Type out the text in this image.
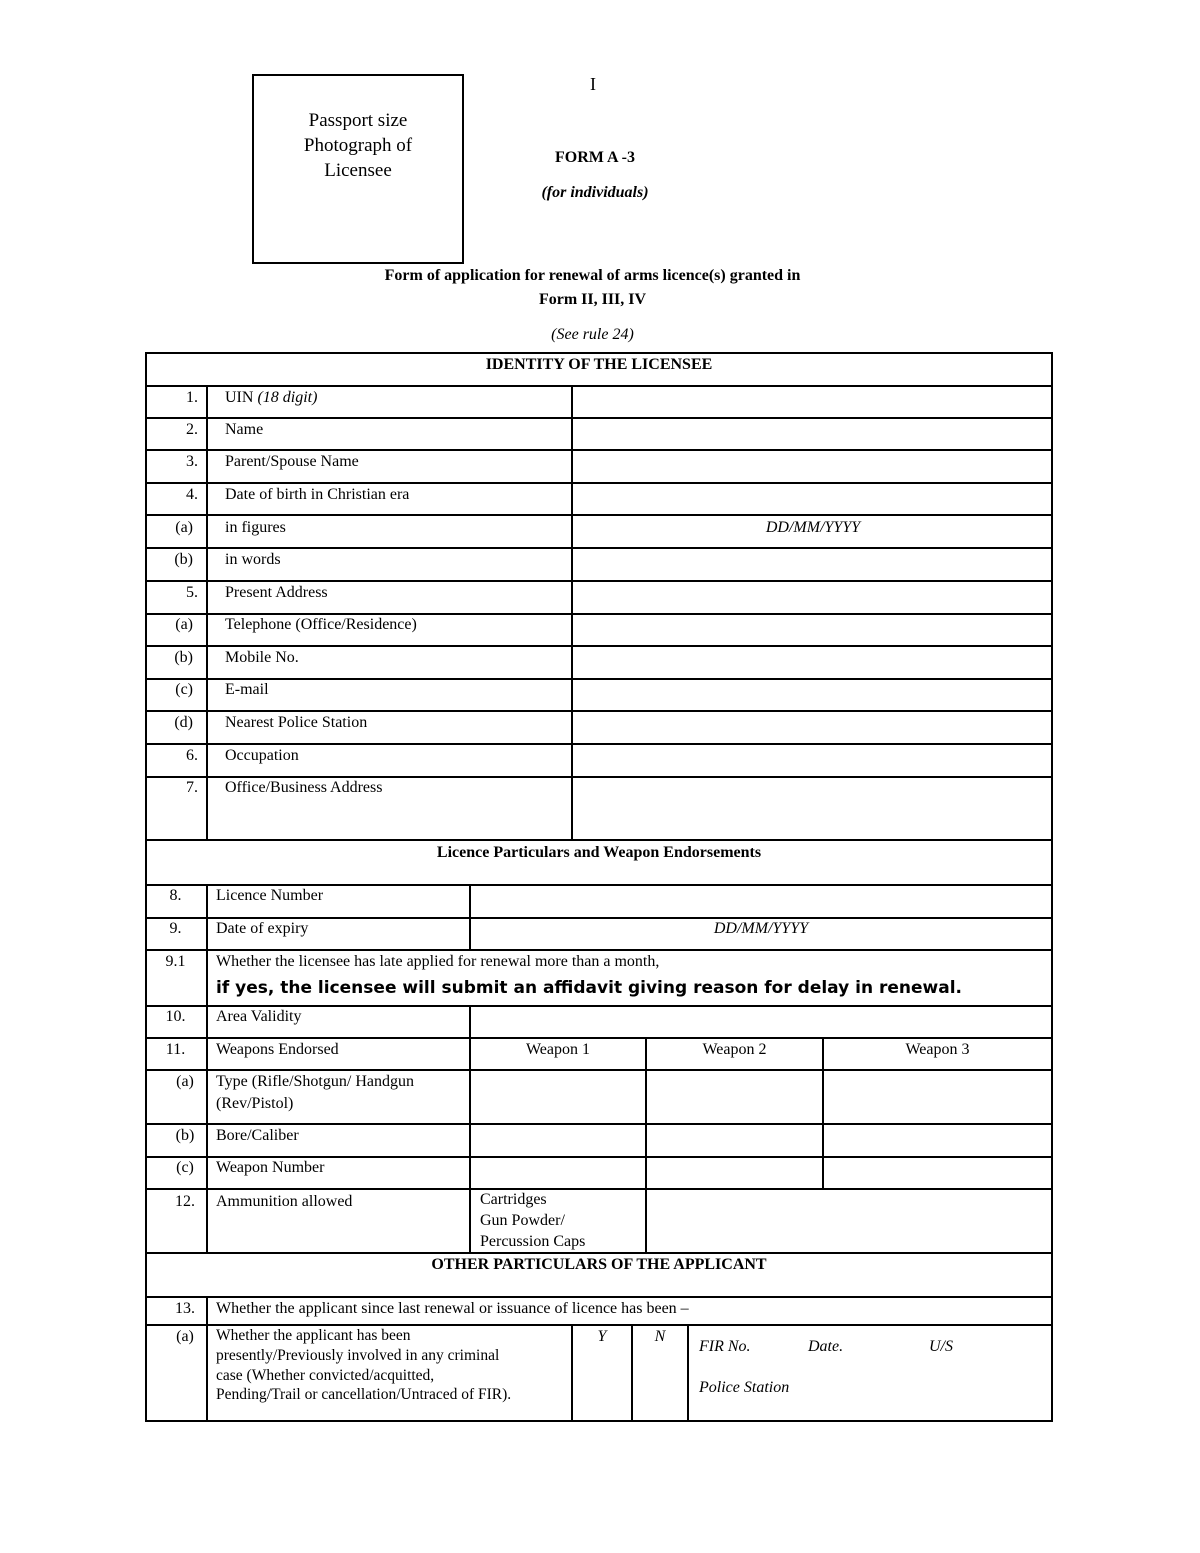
Passport size
Photograph of
Licensee
I
FORM A -3
(for individuals)
Form of application for renewal of arms licence(s) granted in
Form II, III, IV
(See rule 24)
IDENTITY OF THE LICENSEE
1. UIN (18 digit)
2. Name
3. Parent/Spouse Name
4. Date of birth in Christian era
(a) in figures	DD/MM/YYYY
(b) in words
5. Present Address
(a) Telephone (Office/Residence)
(b) Mobile No.
(c) E-mail
(d) Nearest Police Station
6. Occupation
7. Office/Business Address
Licence Particulars and Weapon Endorsements
8.	Licence Number
9.	Date of expiry	DD/MM/YYYY
9.1	Whether the licensee has late applied for renewal more than a month,
if yes, the licensee will submit an affidavit giving reason for delay in renewal.
10.	Area Validity
11.	Weapons Endorsed	Weapon 1	Weapon 2	Weapon 3
(a)	Type (Rifle/Shotgun/ Handgun
(Rev/Pistol)
(b)	Bore/Caliber
(c)	Weapon Number
12.	Ammunition allowed	Cartridges
Gun Powder/
Percussion Caps
OTHER PARTICULARS OF THE APPLICANT
13.	Whether the applicant since last renewal or issuance of licence has been –
(a)	Whether the applicant has been
presently/Previously involved in any criminal
case (Whether convicted/acquitted,
Pending/Trail or cancellation/Untraced of FIR).
Y	N
FIR No.	Date.	U/S
Police Station
